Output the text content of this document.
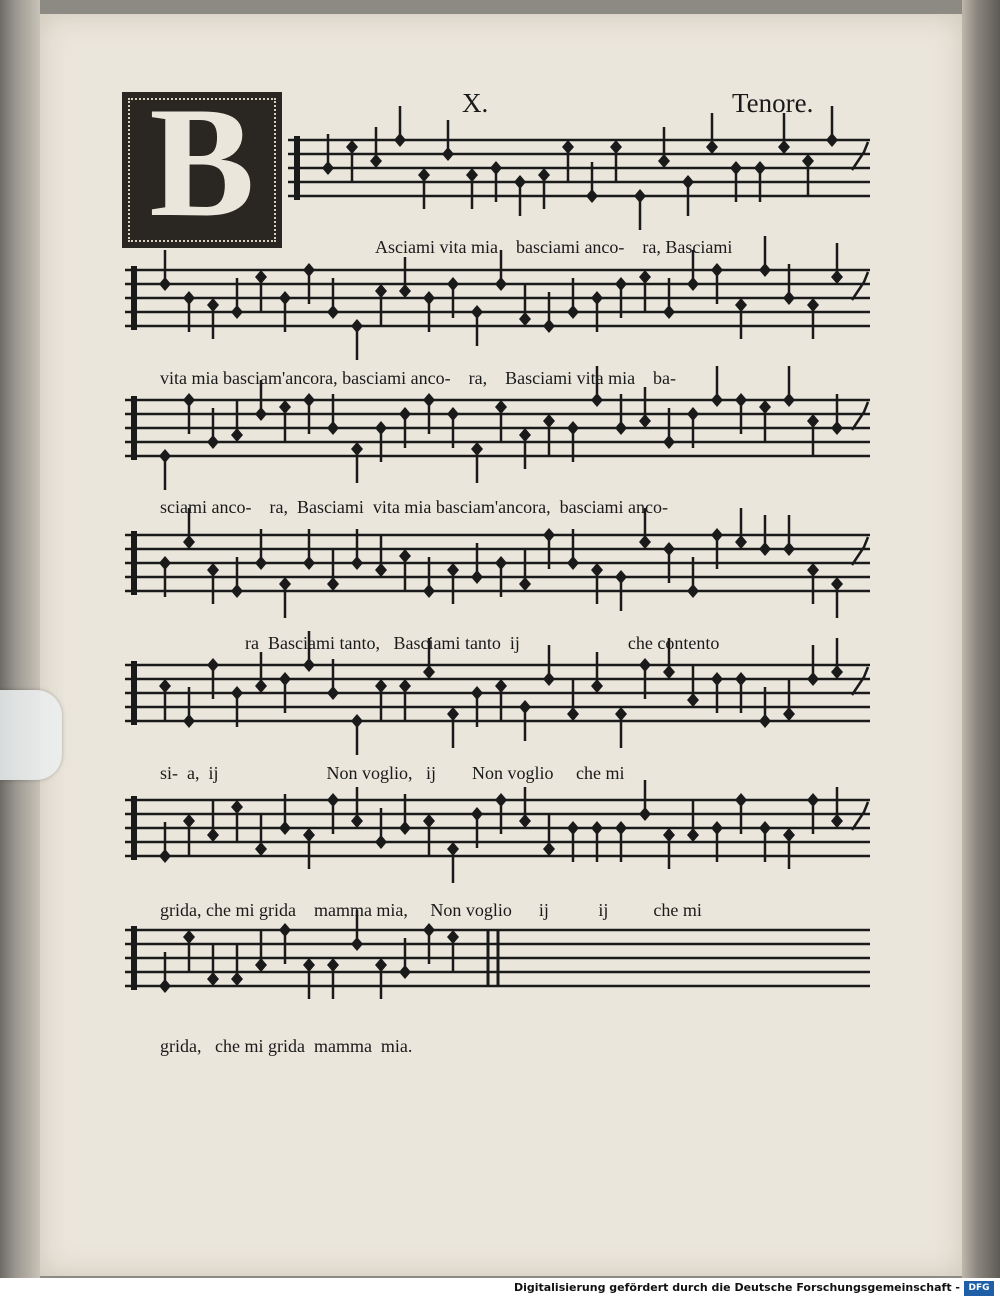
X.	Tenore.
B	Asciami vita mia    basciami anco-    ra, Basciami
vita mia basciam'ancora, basciami anco-    ra,    Basciami vita mia    ba-
sciami anco-    ra,  Basciami  vita mia basciam'ancora,  basciami anco-
ra  Basciami tanto,   Basciami tanto  ij                        che contento
si-  a,  ij                        Non voglio,   ij        Non voglio     che mi
grida, che mi grida    mamma mia,     Non voglio      ij           ij          che mi
grida,   che mi grida  mamma  mia.
Digitalisierung gefördert durch die Deutsche Forschungsgemeinschaft - DFG
